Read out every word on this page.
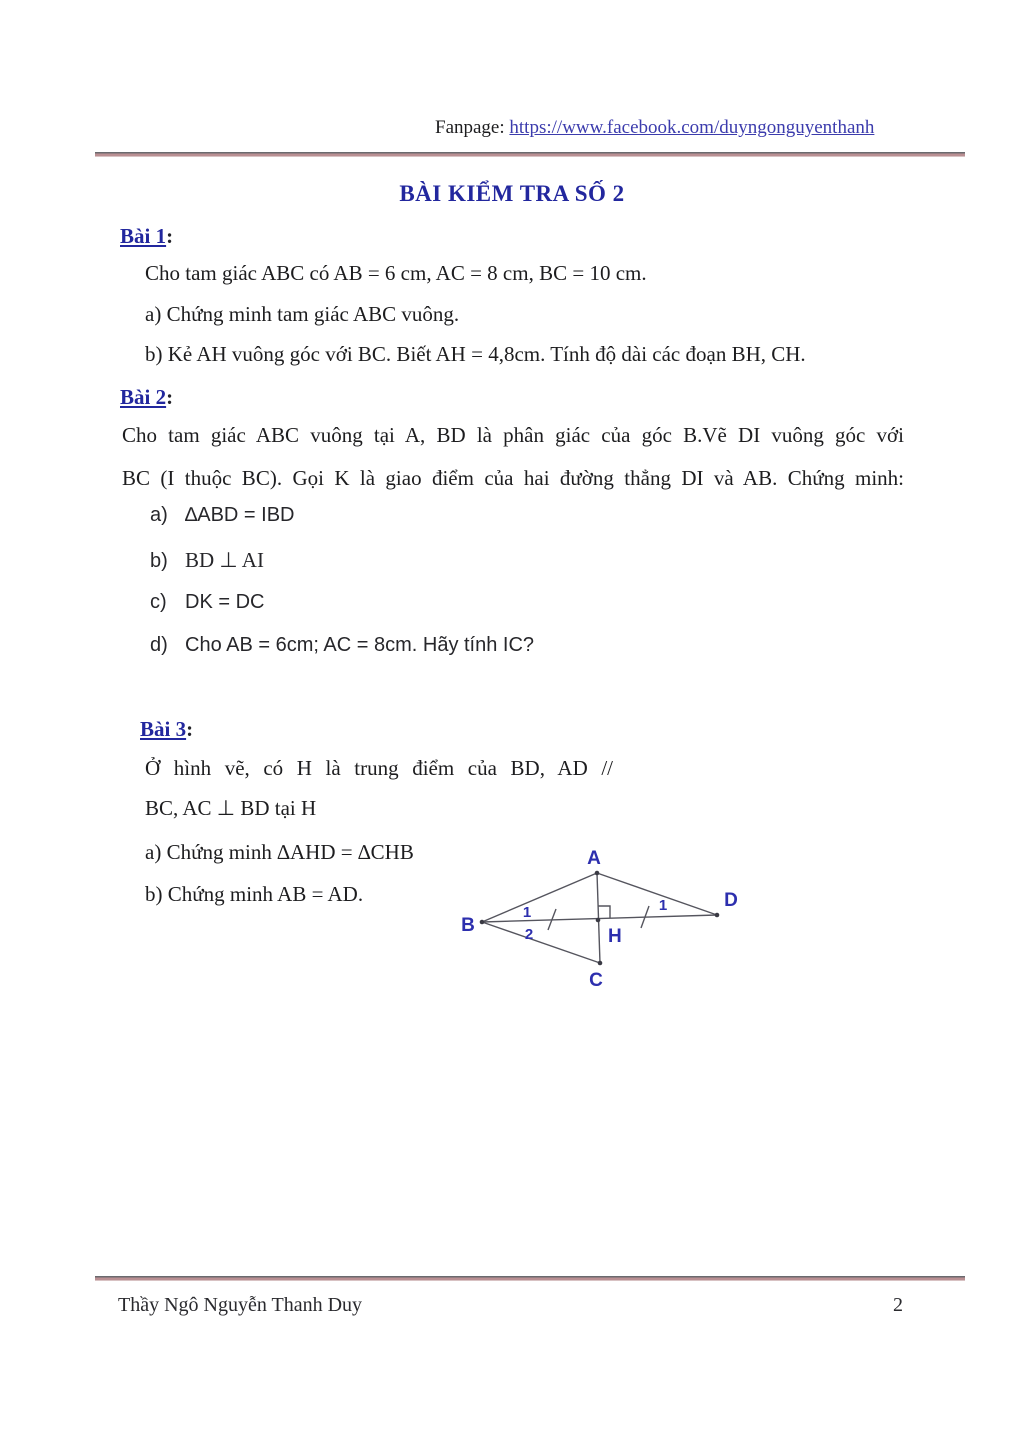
Fanpage: https://www.facebook.com/duyngonguyenthanh
BÀI KIỂM TRA SỐ 2
Bài 1:
Cho tam giác ABC có AB = 6 cm, AC = 8 cm, BC = 10 cm.
a) Chứng minh tam giác ABC vuông.
b) Kẻ AH vuông góc với BC. Biết AH = 4,8cm. Tính độ dài các đoạn BH, CH.
Bài 2:
Cho tam giác ABC vuông tại A, BD là phân giác của góc B.Vẽ DI vuông góc với
BC (I thuộc BC). Gọi K là giao điểm của hai đường thẳng DI và AB. Chứng minh:
a) ∆ABD = IBD
b) BD ⊥ AI
c) DK = DC
d) Cho AB = 6cm; AC = 8cm. Hãy tính IC?
Bài 3:
Ở hình vẽ, có H là trung điểm của BD, AD //
BC, AC ⊥ BD tại H
a) Chứng minh ∆AHD = ∆CHB
b) Chứng minh AB = AD.
A
B
D
C
H
1
2
1
Thầy Ngô Nguyễn Thanh Duy	2
